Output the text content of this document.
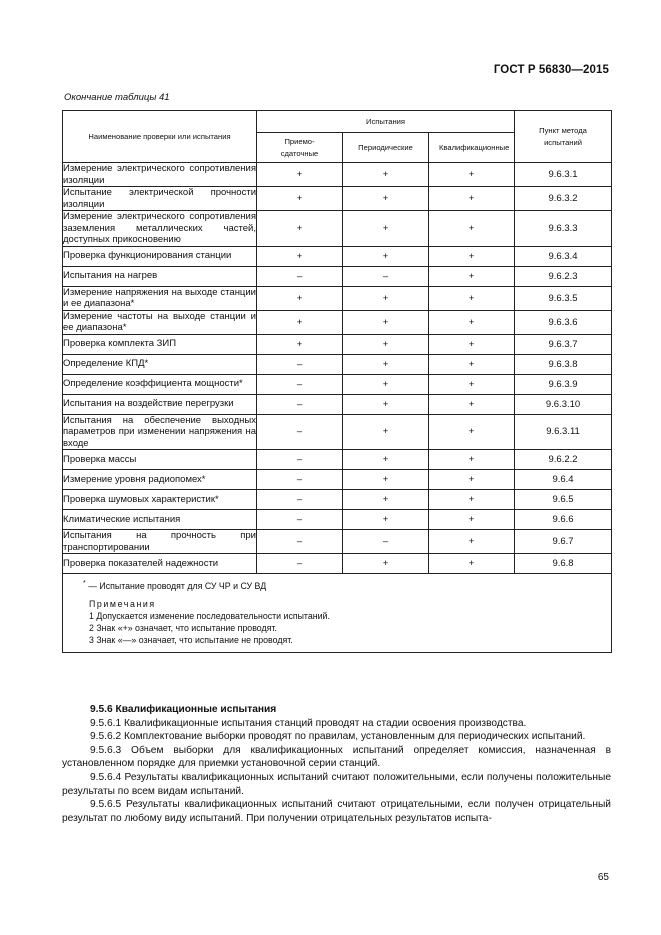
ГОСТ Р 56830—2015
Окончание таблицы 41
Наименование проверки или испытания	Испытания			Пункт метода испытаний
	Приемо-сдаточные	Периодические	Квалификационные	
Измерение электрического сопротивления изоляции	+	+	+	9.6.3.1
Испытание электрической прочности изоляции	+	+	+	9.6.3.2
Измерение электрического сопротивления заземления металлических частей, доступных прикосновению	+	+	+	9.6.3.3
Проверка функционирования станции	+	+	+	9.6.3.4
Испытания на нагрев	–	–	+	9.6.2.3
Измерение напряжения на выходе станции и ее диапазона*	+	+	+	9.6.3.5
Измерение частоты на выходе станции и ее диапазона*	+	+	+	9.6.3.6
Проверка комплекта ЗИП	+	+	+	9.6.3.7
Определение КПД*	–	+	+	9.6.3.8
Определение коэффициента мощности*	–	+	+	9.6.3.9
Испытания на воздействие перегрузки	–	+	+	9.6.3.10
Испытания на обеспечение выходных параметров при изменении напряжения на входе	–	+	+	9.6.3.11
Проверка массы	–	+	+	9.6.2.2
Измерение уровня радиопомех*	–	+	+	9.6.4
Проверка шумовых характеристик*	–	+	+	9.6.5
Климатические испытания	–	+	+	9.6.6
Испытания на прочность при транспортировании	–	–	+	9.6.7
Проверка показателей надежности	–	+	+	9.6.8

* — Испытание проводят для СУ ЧР и СУ ВД
Примечания
1 Допускается изменение последовательности испытаний.
2 Знак «+» означает, что испытание проводят.
3 Знак «—» означает, что испытание не проводят.				

9.5.6 Квалификационные испытания

9.5.6.1 Квалификационные испытания станций проводят на стадии освоения производства.

9.5.6.2 Комплектование выборки проводят по правилам, установленным для периодических испытаний.

9.5.6.3 Объем выборки для квалификационных испытаний определяет комиссия, назначенная в установленном порядке для приемки установочной серии станций.

9.5.6.4 Результаты квалификационных испытаний считают положительными, если получены положительные результаты по всем видам испытаний.

9.5.6.5 Результаты квалификационных испытаний считают отрицательными, если получен отрицательный результат по любому виду испытаний. При получении отрицательных результатов испыта-

65
